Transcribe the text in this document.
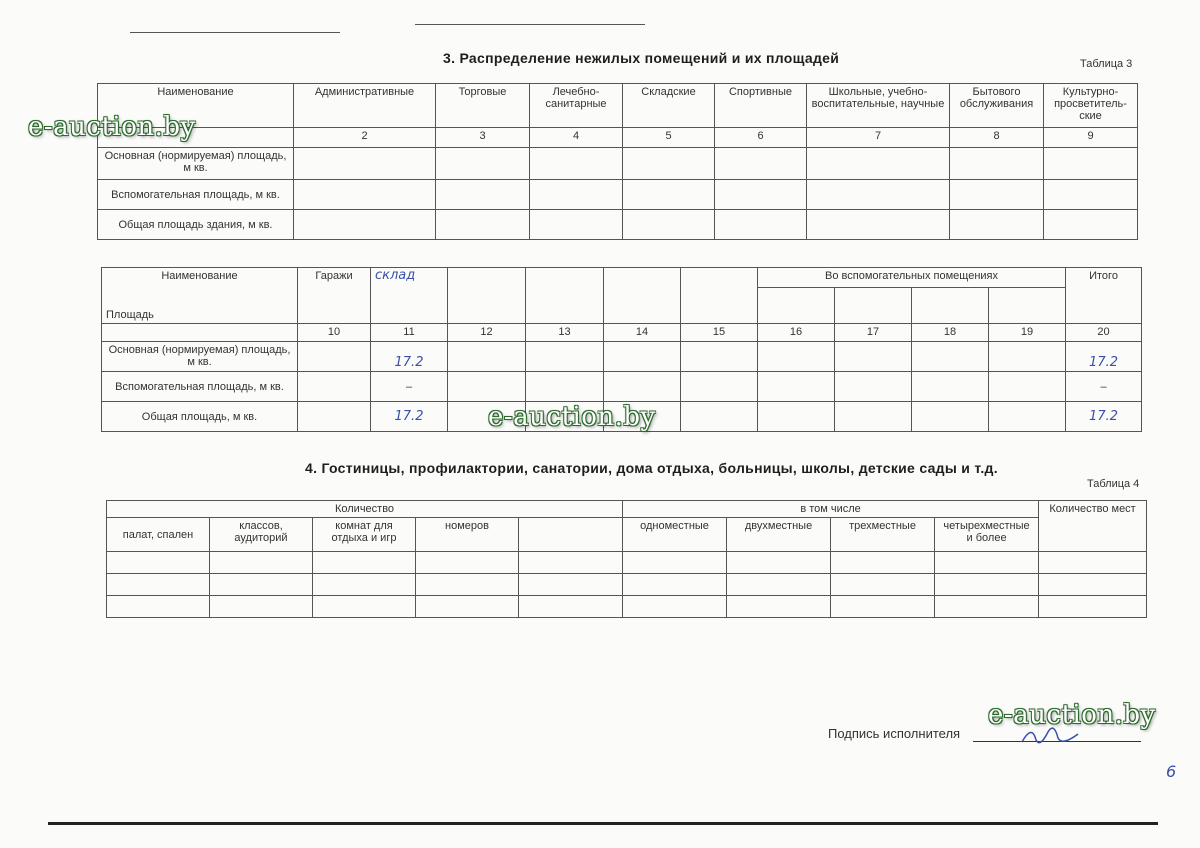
3. Распределение нежилых помещений и их площадей	Таблица 3
Наименование	Административные	Торговые	Лечебно-санитарные	Складские	Спортивные	Школьные, учебно-воспитательные, научные	Бытового обслуживания	Культурно-просветитель-ские
	2	3	4	5	6	7	8	9
Основная (нормируемая) площадь, м кв.								
Вспомогательная площадь, м кв.								
Общая площадь здания, м кв.								
Наименование
Площадь	Гаражи	склад					Во вспомогательных помещениях				Итого

	10	11	12	13	14	15	16	17	18	19	20
Основная (нормируемая) площадь, м кв.		17.2									17.2
Вспомогательная площадь, м кв.		–									–
Общая площадь, м кв.		17.2									17.2
4. Гостиницы, профилактории, санатории, дома отдыха, больницы, школы, детские сады и т.д.
Таблица 4
Количество					в том числе				Количество мест
палат, спален	классов, аудиторий	комнат для отдыха и игр	номеров		одноместные	двухместные	трехместные	четырехместные и более	

Подпись исполнителя
6
e-auction.by
e-auction.by
e-auction.by
